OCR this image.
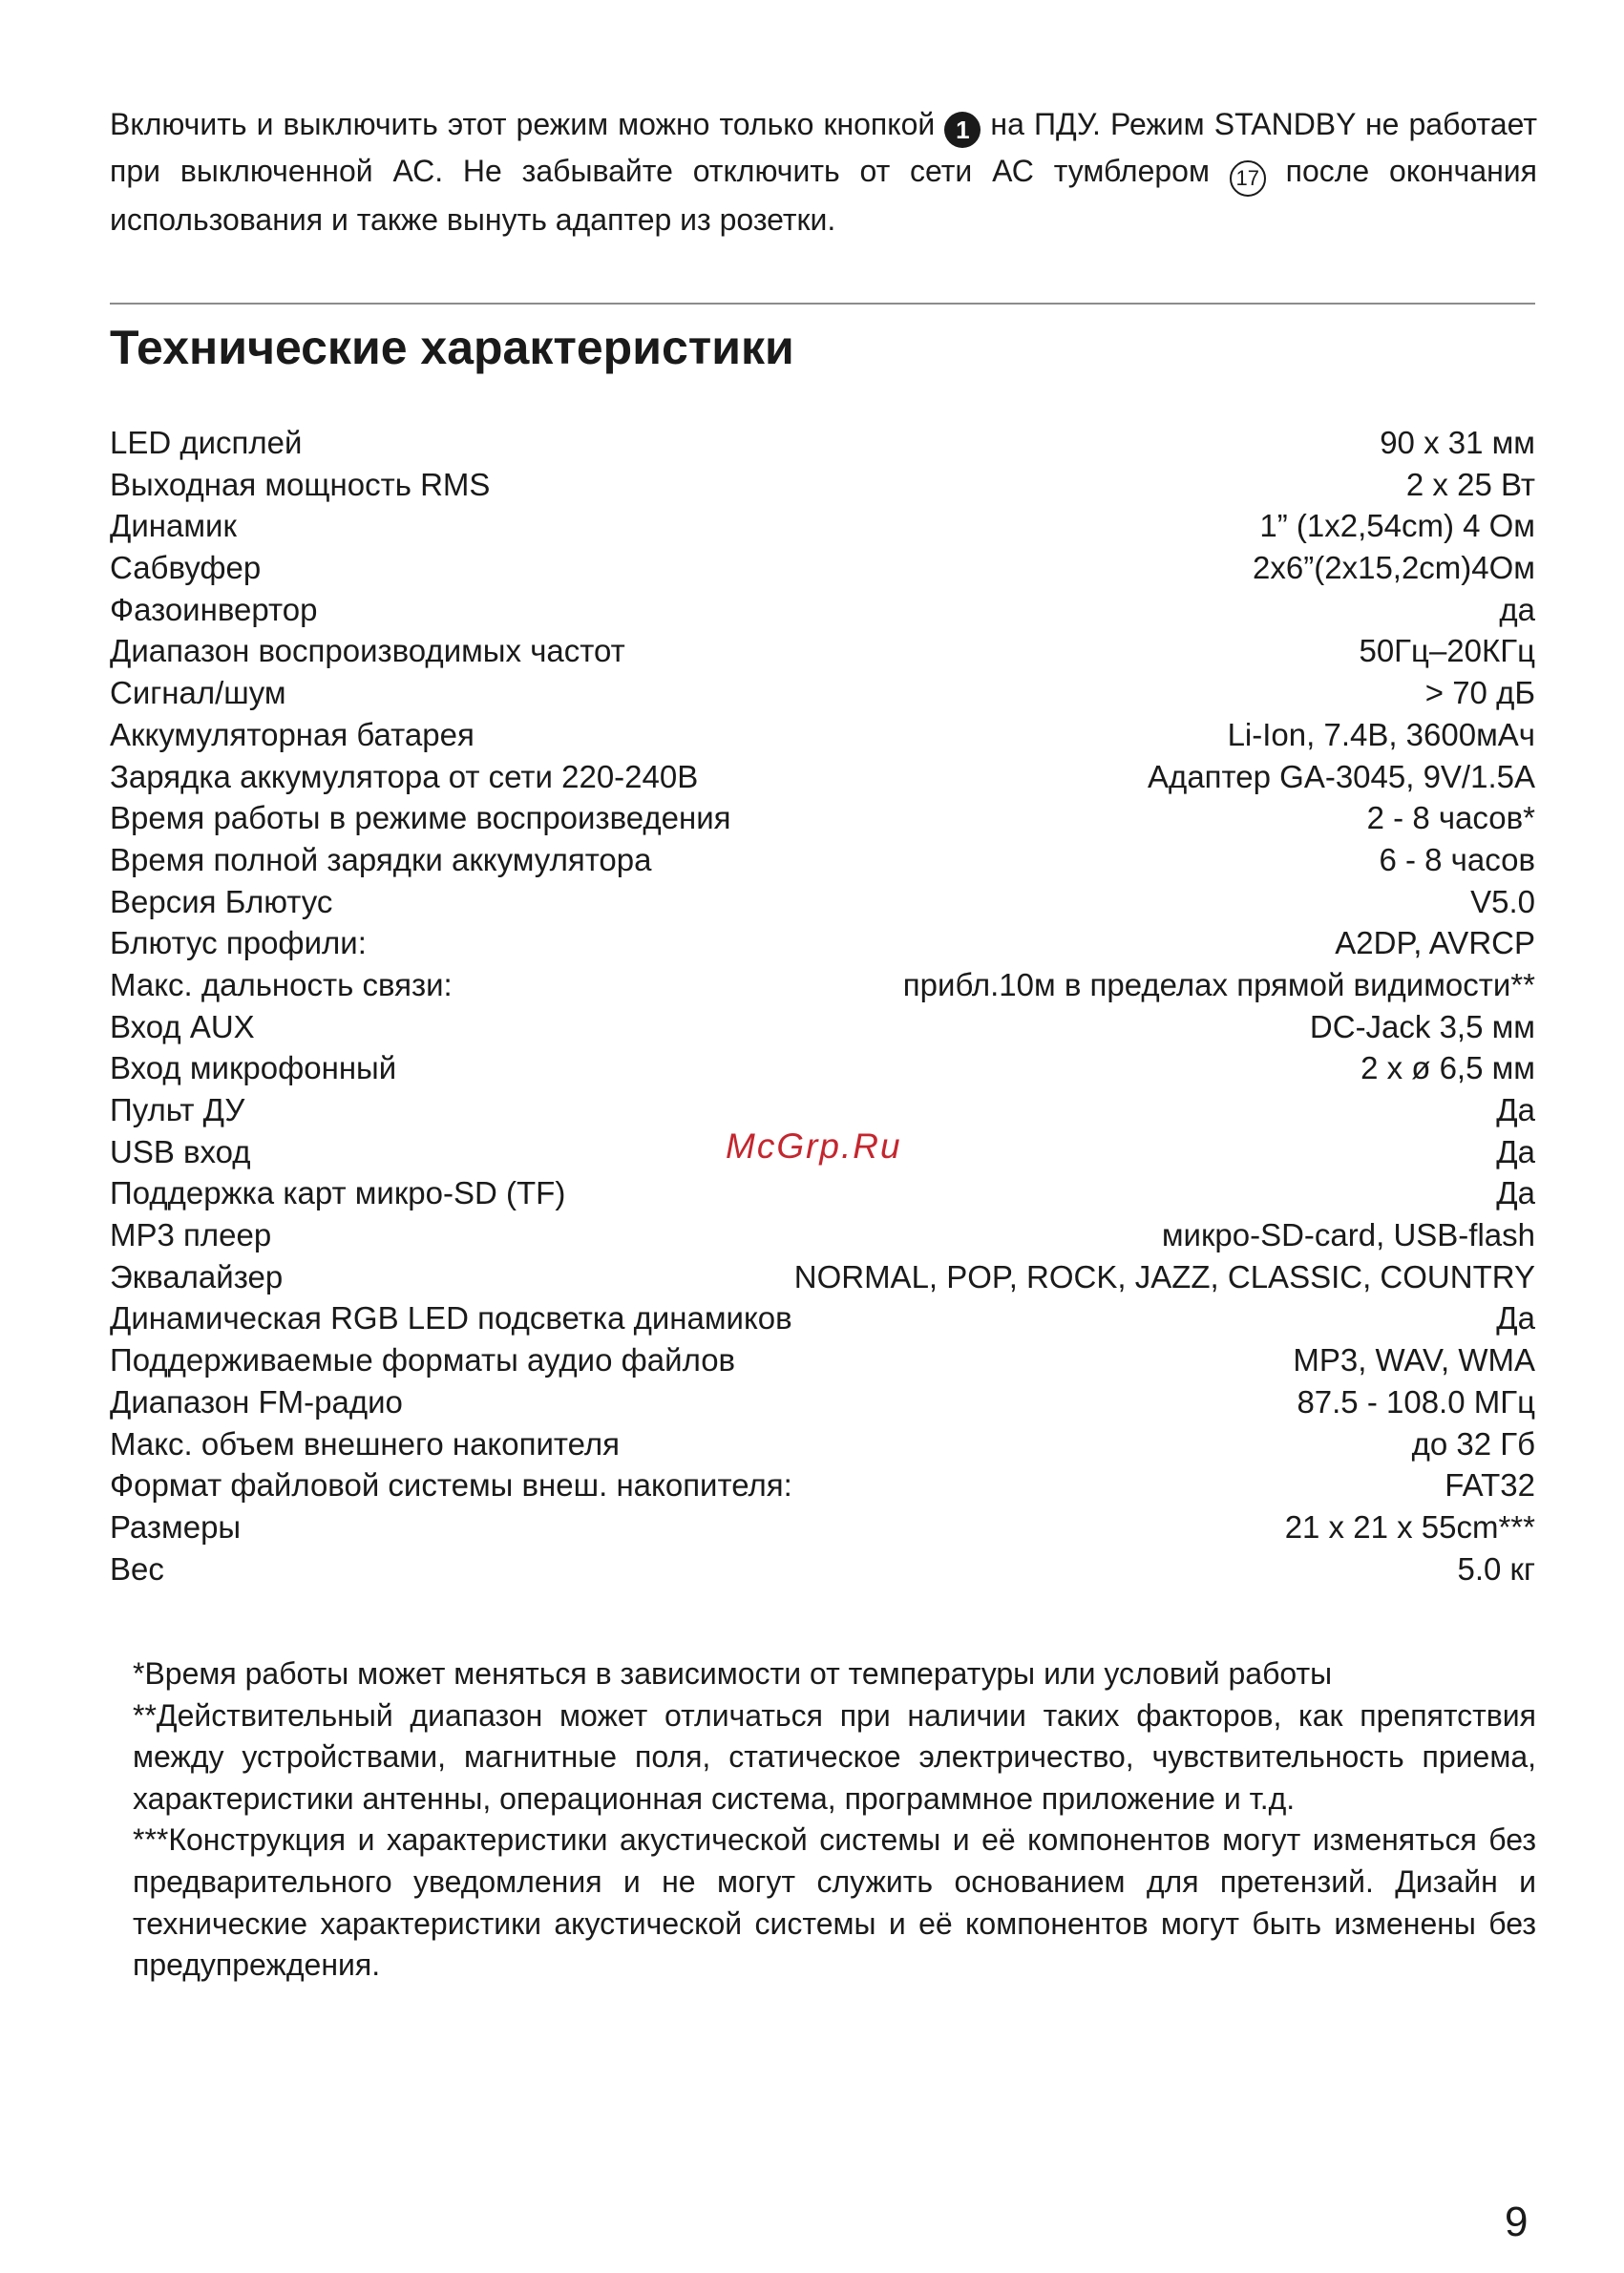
Включить и выключить этот режим можно только кнопкой 1 на ПДУ. Режим STANDBY не работает при выключенной АС. Не забывайте отключить от сети АС тумблером 17 после окончания использования и также вынуть адаптер из розетки.

Технические характеристики
LED дисплей	90 x 31 мм
Выходная мощность RMS	2 x 25 Вт
Динамик	1” (1x2,54cm) 4 Ом
Сабвуфер	2x6”(2x15,2cm)4Ом
Фазоинвертор	да
Диапазон воспроизводимых частот	50Гц–20КГц
Сигнал/шум	> 70 дБ
Аккумуляторная батарея	Li-Ion, 7.4В, 3600мАч
Зарядка аккумулятора от сети 220-240В	Адаптер GA-3045, 9V/1.5A
Время работы в режиме воспроизведения	2 - 8 часов*
Время полной зарядки аккумулятора	6 - 8 часов
Версия Блютус	V5.0
Блютус профили:	A2DP, AVRCP
Макс. дальность связи:	прибл.10м в пределах прямой видимости**
Вход AUX	DC-Jack 3,5 мм
Вход микрофонный	2 x ø 6,5 мм
Пульт ДУ	Да
USB вход	Да
Поддержка карт микро-SD (TF)	Да
MP3 плеер	микро-SD-card, USB-flash
Эквалайзер	NORMAL, POP, ROCK, JAZZ, CLASSIC, COUNTRY
Динамическая RGB LED подсветка динамиков	Да
Поддерживаемые форматы аудио файлов	MP3, WAV, WMA
Диапазон FM-радио	87.5 - 108.0 МГц
Макс. объем внешнего накопителя	до 32 Гб
Формат файловой системы внеш. накопителя:	FAT32
Размеры	21 x 21 x 55cm***
Вес	5.0 кг
McGrp.Ru

*Время работы может меняться в зависимости от температуры или условий работы

**Действительный диапазон может отличаться при наличии таких факторов, как препятствия между устройствами, магнитные поля, статическое электричество, чувствительность приема, характеристики антенны, операционная система, программное приложение и т.д.

***Конструкция и характеристики акустической системы и её компонентов могут изменяться без предварительного уведомления и не могут служить основанием для претензий. Дизайн и технические характеристики акустической системы и её компонентов могут быть изменены без предупреждения.

9
